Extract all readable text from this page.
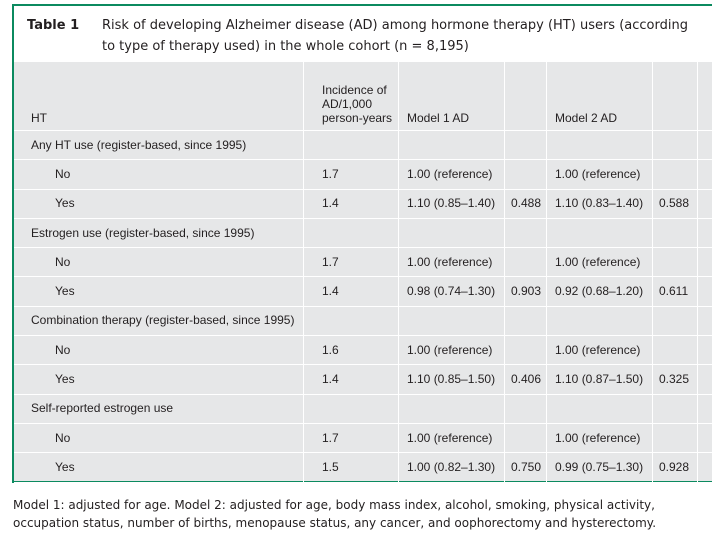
Table 1 Risk of developing Alzheimer disease (AD) among hormone therapy (HT) users (according to type of therapy used) in the whole cohort (n = 8,195)
HT
Incidence of AD/1,000 person-years	Model 1 AD	Model 2 AD
Any HT use (register-based, since 1995)
No	1.7	1.00 (reference)	1.00 (reference)
Yes	1.4	1.10 (0.85–1.40) 0.488 1.10 (0.83–1.40) 0.588
Estrogen use (register-based, since 1995)
No	1.7	1.00 (reference)	1.00 (reference)
Yes	1.4	0.98 (0.74–1.30) 0.903 0.92 (0.68–1.20) 0.611
Combination therapy (register-based, since 1995)
No	1.6	1.00 (reference)	1.00 (reference)
Yes	1.4	1.10 (0.85–1.50) 0.406 1.10 (0.87–1.50) 0.325
Self-reported estrogen use
No	1.7	1.00 (reference)	1.00 (reference)
Yes	1.5	1.00 (0.82–1.30) 0.750 0.99 (0.75–1.30) 0.928
Model 1: adjusted for age. Model 2: adjusted for age, body mass index, alcohol, smoking, physical activity, occupation status, number of births, menopause status, any cancer, and oophorectomy and hysterectomy.
